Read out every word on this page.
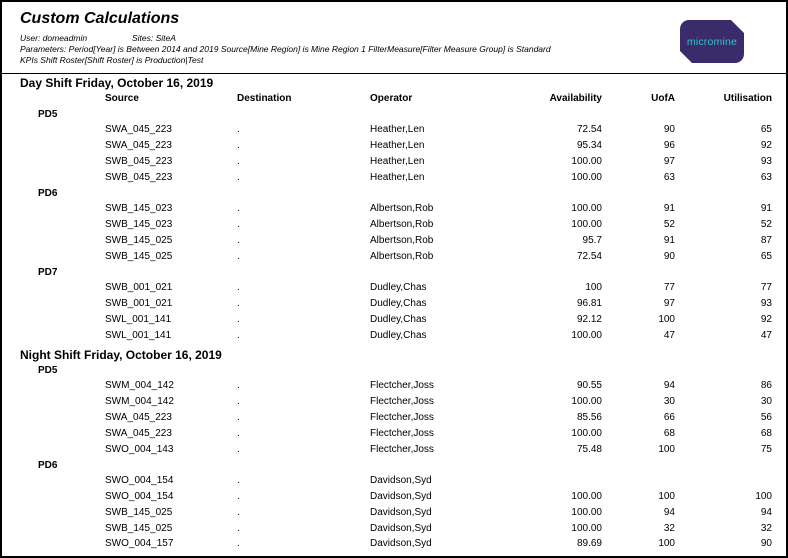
Custom Calculations
User: domeadmin	Sites: SiteA
Parameters: Period[Year] is Between 2014 and 2019 Source[Mine Region] is Mine Region 1 FilterMeasure[Filter Measure Group] is Standard
KPIs Shift Roster[Shift Roster] is Production|Test
micromine
Day Shift Friday, October 16, 2019
Source	Destination	Operator	Availability	UofA	Utilisation
PD5
SWA_045_223	.	Heather,Len	72.54	90	65
SWA_045_223	.	Heather,Len	95.34	96	92
SWB_045_223	.	Heather,Len	100.00	97	93
SWB_045_223	.	Heather,Len	100.00	63	63
PD6
SWB_145_023	.	Albertson,Rob	100.00	91	91
SWB_145_023	.	Albertson,Rob	100.00	52	52
SWB_145_025	.	Albertson,Rob	95.7	91	87
SWB_145_025	.	Albertson,Rob	72.54	90	65
PD7
SWB_001_021	.	Dudley,Chas	100	77	77
SWB_001_021	.	Dudley,Chas	96.81	97	93
SWL_001_141	.	Dudley,Chas	92.12	100	92
SWL_001_141	.	Dudley,Chas	100.00	47	47
Night Shift Friday, October 16, 2019
PD5
SWM_004_142	.	Flectcher,Joss	90.55	94	86
SWM_004_142	.	Flectcher,Joss	100.00	30	30
SWA_045_223	.	Flectcher,Joss	85.56	66	56
SWA_045_223	.	Flectcher,Joss	100.00	68	68
SWO_004_143	.	Flectcher,Joss	75.48	100	75
PD6
SWO_004_154	.	Davidson,Syd
SWO_004_154	.	Davidson,Syd	100.00	100	100
SWB_145_025	.	Davidson,Syd	100.00	94	94
SWB_145_025	.	Davidson,Syd	100.00	32	32
SWO_004_157	.	Davidson,Syd	89.69	100	90
